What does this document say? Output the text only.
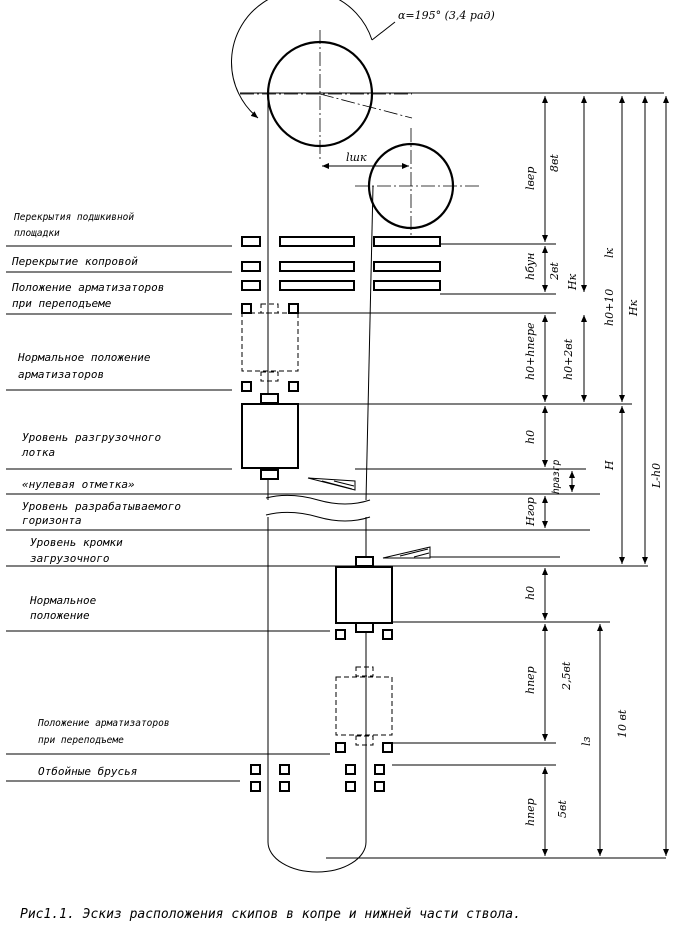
α=195° (3,4 рад)
lшк
lвер
8вt
hбун 2вt
Hк
lк
h0+10 Hк
h0+hпере h0+2вt
h0
hразгр	H	L-h0
Hгор
h0
hпер 2,5вt
lз
10 вt
hпер 5вt
Перекрытия подшкивной
площадки
Перекрытие копровой
Положение арматизаторов
при переподъеме
Нормальное положение
арматизаторов
Уровень разгрузочного
лотка
«нулевая отметка»
Уровень разрабатываемого
горизонта
Уровень кромки
загрузочного
Нормальное
положение
Положение арматизаторов
при переподъеме
Отбойные брусья
Рис1.1. Эскиз расположения скипов в копре и нижней части ствола.
